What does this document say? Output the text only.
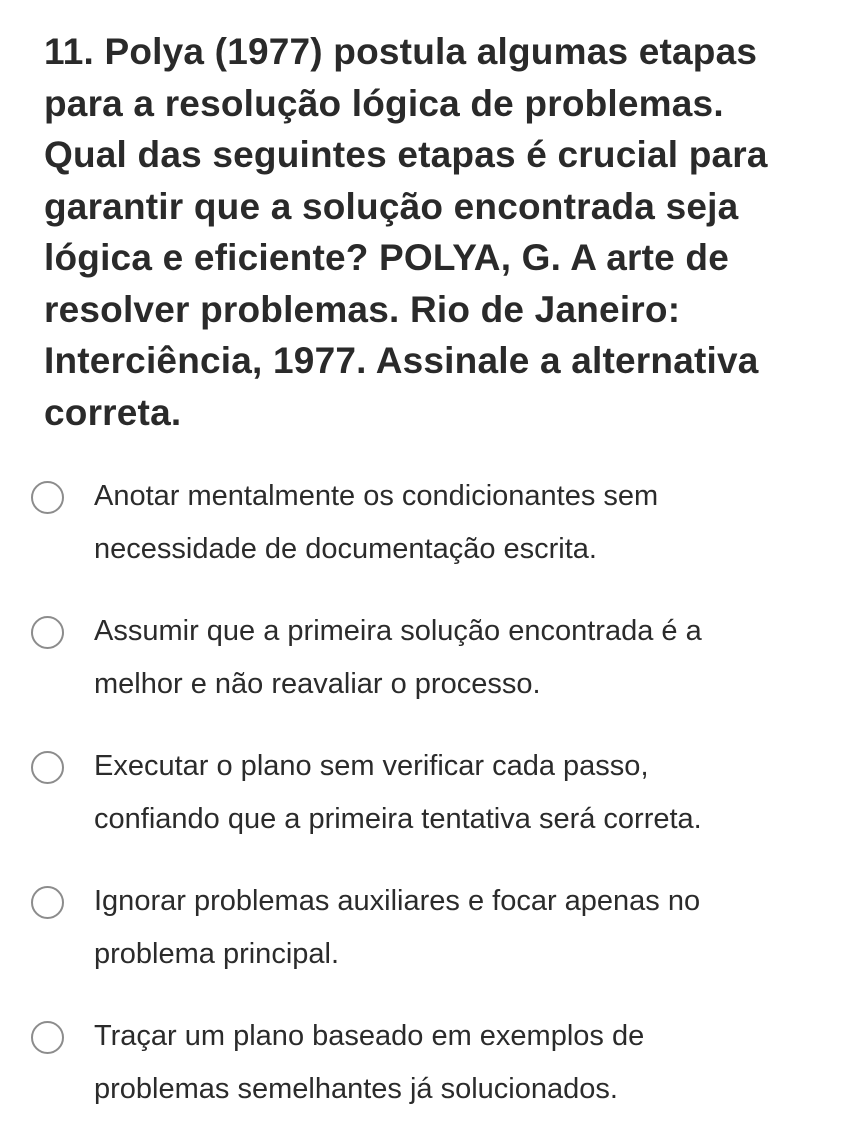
11. Polya (1977) postula algumas etapas
para a resolução lógica de problemas.
Qual das seguintes etapas é crucial para
garantir que a solução encontrada seja
lógica e eficiente? POLYA, G. A arte de
resolver problemas. Rio de Janeiro:
Interciência, 1977. Assinale a alternativa
correta.
Anotar mentalmente os condicionantes sem
necessidade de documentação escrita.
Assumir que a primeira solução encontrada é a
melhor e não reavaliar o processo.
Executar o plano sem verificar cada passo,
confiando que a primeira tentativa será correta.
Ignorar problemas auxiliares e focar apenas no
problema principal.
Traçar um plano baseado em exemplos de
problemas semelhantes já solucionados.
